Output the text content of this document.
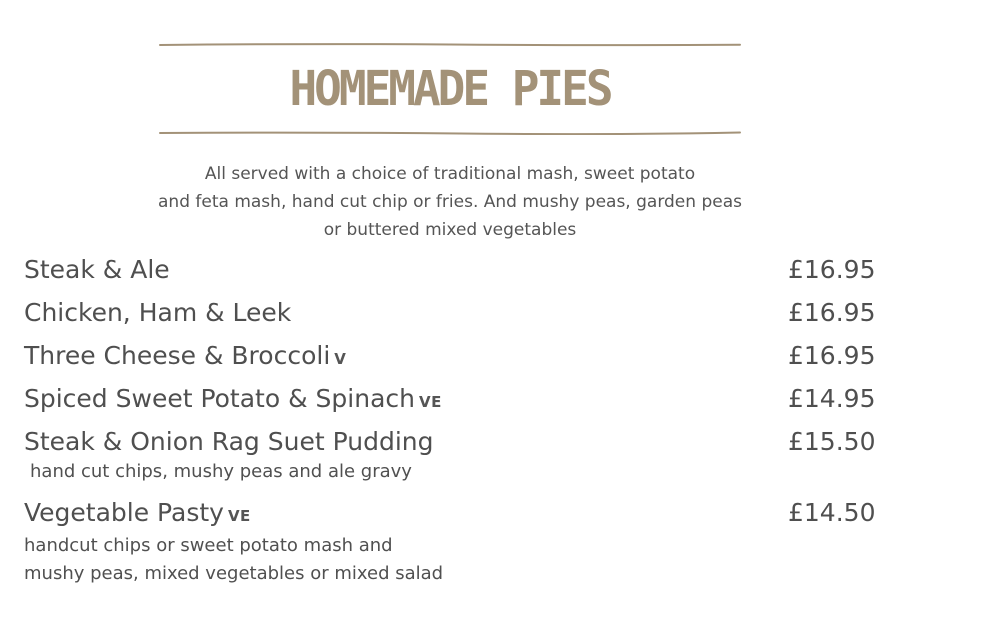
HOMEMADE PIES
All served with a choice of traditional mash, sweet potato
and feta mash, hand cut chip or fries. And mushy peas, garden peas
or buttered mixed vegetables
Steak & Ale	£16.95
Chicken, Ham & Leek	£16.95
Three Cheese & Broccoli V	£16.95
Spiced Sweet Potato & Spinach VE	£14.95
Steak & Onion Rag Suet Pudding	£15.50
hand cut chips, mushy peas and ale gravy
Vegetable Pasty VE	£14.50
handcut chips or sweet potato mash and
mushy peas, mixed vegetables or mixed salad
